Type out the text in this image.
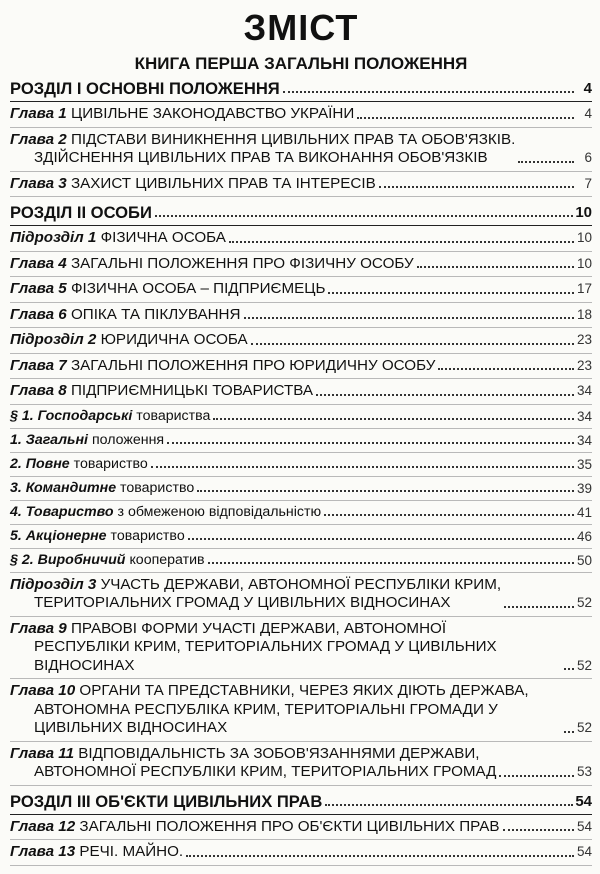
ЗМІСТ
КНИГА ПЕРША ЗАГАЛЬНІ ПОЛОЖЕННЯ
РОЗДІЛ І ОСНОВНІ ПОЛОЖЕННЯ	4
Глава 1 ЦИВІЛЬНЕ ЗАКОНОДАВСТВО УКРАЇНИ	4
Глава 2 ПІДСТАВИ ВИНИКНЕННЯ ЦИВІЛЬНИХ ПРАВ ТА ОБОВ'ЯЗКІВ.
ЗДІЙСНЕННЯ ЦИВІЛЬНИХ ПРАВ ТА ВИКОНАННЯ ОБОВ'ЯЗКІВ	6
Глава 3 ЗАХИСТ ЦИВІЛЬНИХ ПРАВ ТА ІНТЕРЕСІВ	7
РОЗДІЛ ІІ ОСОБИ	10
Підрозділ 1 ФІЗИЧНА ОСОБА	10
Глава 4 ЗАГАЛЬНІ ПОЛОЖЕННЯ ПРО ФІЗИЧНУ ОСОБУ	10
Глава 5 ФІЗИЧНА ОСОБА – ПІДПРИЄМЕЦЬ	17
Глава 6 ОПІКА ТА ПІКЛУВАННЯ	18
Підрозділ 2 ЮРИДИЧНА ОСОБА	23
Глава 7 ЗАГАЛЬНІ ПОЛОЖЕННЯ ПРО ЮРИДИЧНУ ОСОБУ	23
Глава 8 ПІДПРИЄМНИЦЬКІ ТОВАРИСТВА	34
§ 1. Господарські товариства	34
1. Загальні положення	34
2. Повне товариство	35
3. Командитне товариство	39
4. Товариство з обмеженою відповідальністю	41
5. Акціонерне товариство	46
§ 2. Виробничий кооператив	50
Підрозділ 3 УЧАСТЬ ДЕРЖАВИ, АВТОНОМНОЇ РЕСПУБЛІКИ КРИМ,
ТЕРИТОРІАЛЬНИХ ГРОМАД У ЦИВІЛЬНИХ ВІДНОСИНАХ	52
Глава 9 ПРАВОВІ ФОРМИ УЧАСТІ ДЕРЖАВИ, АВТОНОМНОЇ
РЕСПУБЛІКИ КРИМ, ТЕРИТОРІАЛЬНИХ ГРОМАД У ЦИВІЛЬНИХ ВІДНОСИНАХ	52
Глава 10 ОРГАНИ ТА ПРЕДСТАВНИКИ, ЧЕРЕЗ ЯКИХ ДІЮТЬ ДЕРЖАВА,
АВТОНОМНА РЕСПУБЛІКА КРИМ, ТЕРИТОРІАЛЬНІ ГРОМАДИ У ЦИВІЛЬНИХ ВІДНОСИНАХ	52
Глава 11 ВІДПОВІДАЛЬНІСТЬ ЗА ЗОБОВ'ЯЗАННЯМИ ДЕРЖАВИ,
АВТОНОМНОЇ РЕСПУБЛІКИ КРИМ, ТЕРИТОРІАЛЬНИХ ГРОМАД	53
РОЗДІЛ ІІІ ОБ'ЄКТИ ЦИВІЛЬНИХ ПРАВ	54
Глава 12 ЗАГАЛЬНІ ПОЛОЖЕННЯ ПРО ОБ'ЄКТИ ЦИВІЛЬНИХ ПРАВ	54
Глава 13 РЕЧІ. МАЙНО.	54
